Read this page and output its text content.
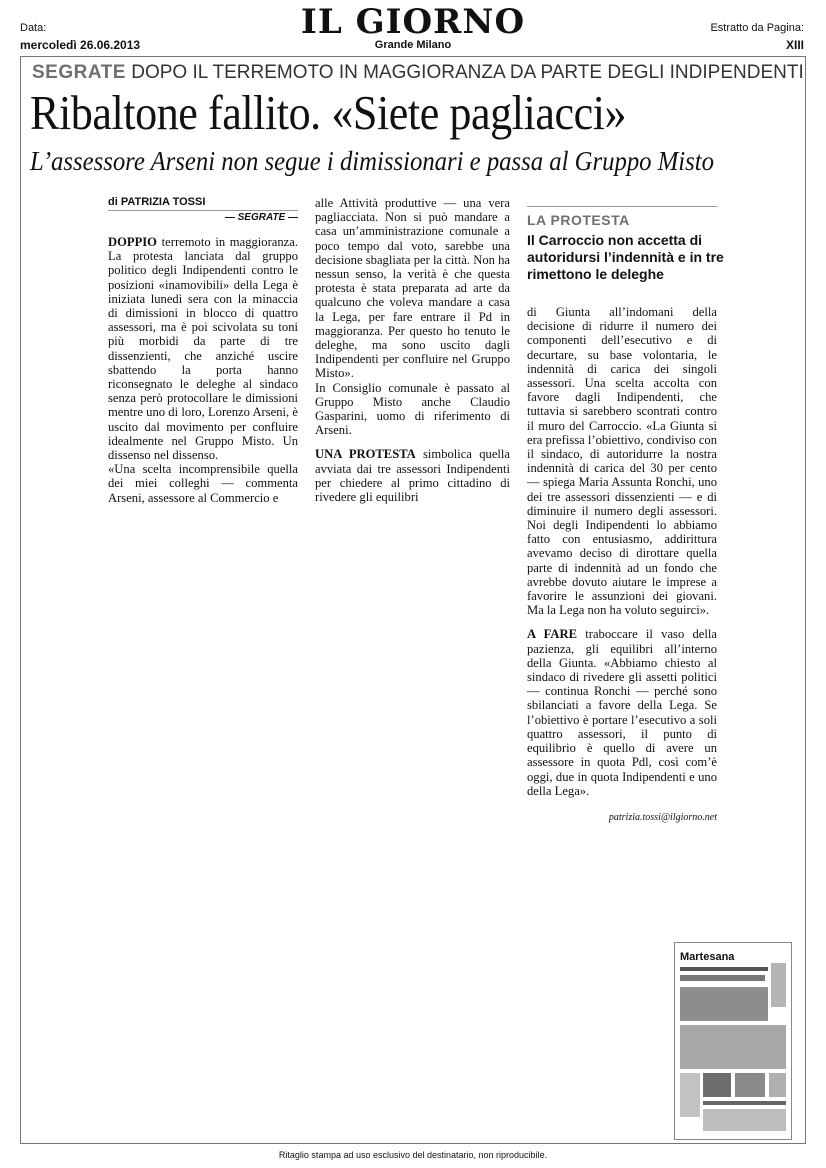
Data:
mercoledì 26.06.2013
IL GIORNO
Grande Milano
Estratto da Pagina:
XIII
SEGRATE DOPO IL TERREMOTO IN MAGGIORANZA DA PARTE DEGLI INDIPENDENTI
Ribaltone fallito. «Siete pagliacci»
L’assessore Arseni non segue i dimissionari e passa al Gruppo Misto
di PATRIZIA TOSSI
— SEGRATE —

DOPPIO terremoto in maggioranza. La protesta lanciata dal gruppo politico degli Indipendenti contro le posizioni «inamovibili» della Lega è iniziata lunedì sera con la minaccia di dimissioni in blocco di quattro assessori, ma è poi scivolata su toni più morbidi da parte di tre dissenzienti, che anziché uscire sbattendo la porta hanno riconsegnato le deleghe al sindaco senza però protocollare le dimissioni mentre uno di loro, Lorenzo Arseni, è uscito dal movimento per confluire idealmente nel Gruppo Misto. Un dissenso nel dissenso.

«Una scelta incomprensibile quella dei miei colleghi — commenta Arseni, assessore al Commercio e

alle Attività produttive — una vera pagliacciata. Non si può mandare a casa un’amministrazione comunale a poco tempo dal voto, sarebbe una decisione sbagliata per la città. Non ha nessun senso, la verità è che questa protesta è stata preparata ad arte da qualcuno che voleva mandare a casa la Lega, per fare entrare il Pd in maggioranza. Per questo ho tenuto le deleghe, ma sono uscito dagli Indipendenti per confluire nel Gruppo Misto».

In Consiglio comunale è passato al Gruppo Misto anche Claudio Gasparini, uomo di riferimento di Arseni.

UNA PROTESTA simbolica quella avviata dai tre assessori Indipendenti per chiedere al primo cittadino di rivedere gli equilibri

LA PROTESTA
Il Carroccio non accetta di autoridursi l’indennità e in tre rimettono le deleghe

di Giunta all’indomani della decisione di ridurre il numero dei componenti dell’esecutivo e di decurtare, su base volontaria, le indennità di carica dei singoli assessori. Una scelta accolta con favore dagli Indipendenti, che tuttavia si sarebbero scontrati contro il muro del Carroccio. «La Giunta si era prefissa l’obiettivo, condiviso con il sindaco, di autoridurre la nostra indennità di carica del 30 per cento — spiega Maria Assunta Ronchi, uno dei tre assessori dissenzienti — e di diminuire il numero degli assessori. Noi degli Indipendenti lo abbiamo fatto con entusiasmo, addirittura avevamo deciso di dirottare quella parte di indennità ad un fondo che avrebbe dovuto aiutare le imprese a favorire le assunzioni dei giovani. Ma la Lega non ha voluto seguirci».

A FARE traboccare il vaso della pazienza, gli equilibri all’interno della Giunta. «Abbiamo chiesto al sindaco di rivedere gli assetti politici — continua Ronchi — perché sono sbilanciati a favore della Lega. Se l’obiettivo è portare l’esecutivo a soli quattro assessori, il punto di equilibrio è quello di avere un assessore in quota Pdl, così com’è oggi, due in quota Indipendenti e uno della Lega».

patrizia.tossi@ilgiorno.net
Martesana
Ritaglio stampa ad uso esclusivo del destinatario, non riproducibile.
